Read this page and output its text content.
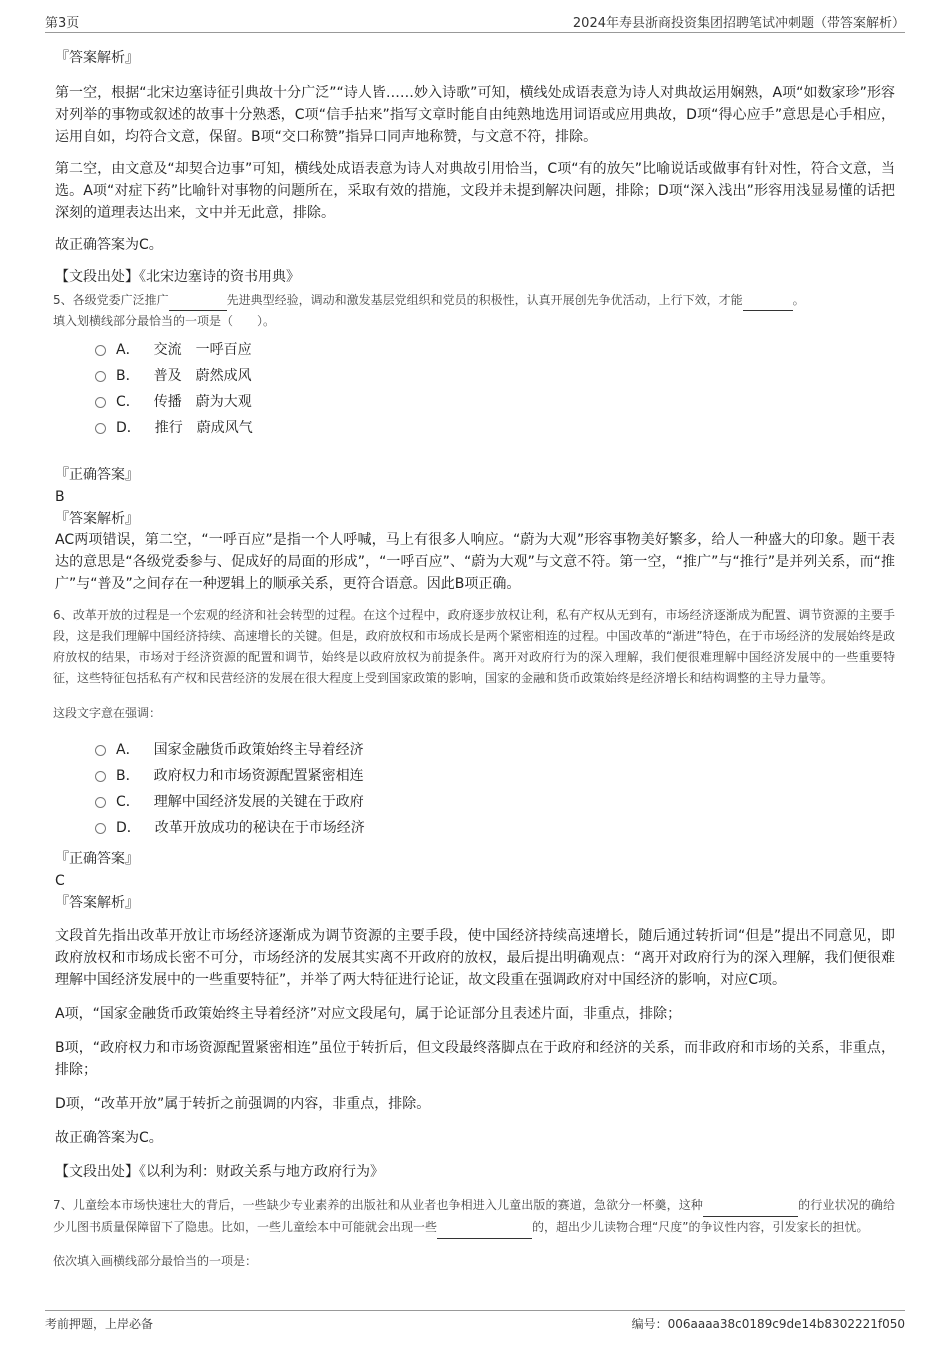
第3页	2024年寿县浙商投资集团招聘笔试冲刺题（带答案解析）
『答案解析』
第一空，根据“北宋边塞诗征引典故十分广泛”“诗人皆……妙入诗歌”可知，横线处成语表意为诗人对典故运用娴熟，A项“如数家珍”形容对列举的事物或叙述的故事十分熟悉，C项“信手拈来”指写文章时能自由纯熟地选用词语或应用典故，D项“得心应手”意思是心手相应，运用自如，均符合文意，保留。B项“交口称赞”指异口同声地称赞，与文意不符，排除。
第二空，由文意及“却契合边事”可知，横线处成语表意为诗人对典故引用恰当，C项“有的放矢”比喻说话或做事有针对性，符合文意，当选。A项“对症下药”比喻针对事物的问题所在，采取有效的措施，文段并未提到解决问题，排除；D项“深入浅出”形容用浅显易懂的话把深刻的道理表达出来，文中并无此意，排除。
故正确答案为C。
【文段出处】《北宋边塞诗的资书用典》
5、各级党委广泛推广	先进典型经验，调动和激发基层党组织和党员的积极性，认真开展创先争优活动，上行下效，才能	。
填入划横线部分最恰当的一项是（　　）。
A． 交流　一呼百应
B． 普及　蔚然成风
C． 传播　蔚为大观
D． 推行　蔚成风气
『正确答案』
B
『答案解析』
AC两项错误，第二空，“一呼百应”是指一个人呼喊，马上有很多人响应。“蔚为大观”形容事物美好繁多，给人一种盛大的印象。题干表达的意思是“各级党委参与、促成好的局面的形成”，“一呼百应”、“蔚为大观”与文意不符。第一空，“推广”与“推行”是并列关系，而“推广”与“普及”之间存在一种逻辑上的顺承关系，更符合语意。因此B项正确。
6、改革开放的过程是一个宏观的经济和社会转型的过程。在这个过程中，政府逐步放权让利，私有产权从无到有，市场经济逐渐成为配置、调节资源的主要手段，这是我们理解中国经济持续、高速增长的关键。但是，政府放权和市场成长是两个紧密相连的过程。中国改革的“渐进”特色，在于市场经济的发展始终是政府放权的结果，市场对于经济资源的配置和调节，始终是以政府放权为前提条件。离开对政府行为的深入理解，我们便很难理解中国经济发展中的一些重要特征，这些特征包括私有产权和民营经济的发展在很大程度上受到国家政策的影响，国家的金融和货币政策始终是经济增长和结构调整的主导力量等。
这段文字意在强调：
A． 国家金融货币政策始终主导着经济
B． 政府权力和市场资源配置紧密相连
C． 理解中国经济发展的关键在于政府
D． 改革开放成功的秘诀在于市场经济
『正确答案』
C
『答案解析』
文段首先指出改革开放让市场经济逐渐成为调节资源的主要手段，使中国经济持续高速增长，随后通过转折词“但是”提出不同意见，即政府放权和市场成长密不可分，市场经济的发展其实离不开政府的放权，最后提出明确观点：“离开对政府行为的深入理解，我们便很难理解中国经济发展中的一些重要特征”，并举了两大特征进行论证，故文段重在强调政府对中国经济的影响，对应C项。
A项，“国家金融货币政策始终主导着经济”对应文段尾句，属于论证部分且表述片面，非重点，排除；
B项，“政府权力和市场资源配置紧密相连”虽位于转折后，但文段最终落脚点在于政府和经济的关系，而非政府和市场的关系，非重点，排除；
D项，“改革开放”属于转折之前强调的内容，非重点，排除。
故正确答案为C。
【文段出处】《以利为利：财政关系与地方政府行为》
7、儿童绘本市场快速壮大的背后，一些缺少专业素养的出版社和从业者也争相进入儿童出版的赛道，急欲分一杯羹，这种	的行业状况的确给少儿图书质量保障留下了隐患。比如，一些儿童绘本中可能就会出现一些	的，超出少儿读物合理“尺度”的争议性内容，引发家长的担忧。
依次填入画横线部分最恰当的一项是：
考前押题，上岸必备	编号：006aaaa38c0189c9de14b8302221f050
